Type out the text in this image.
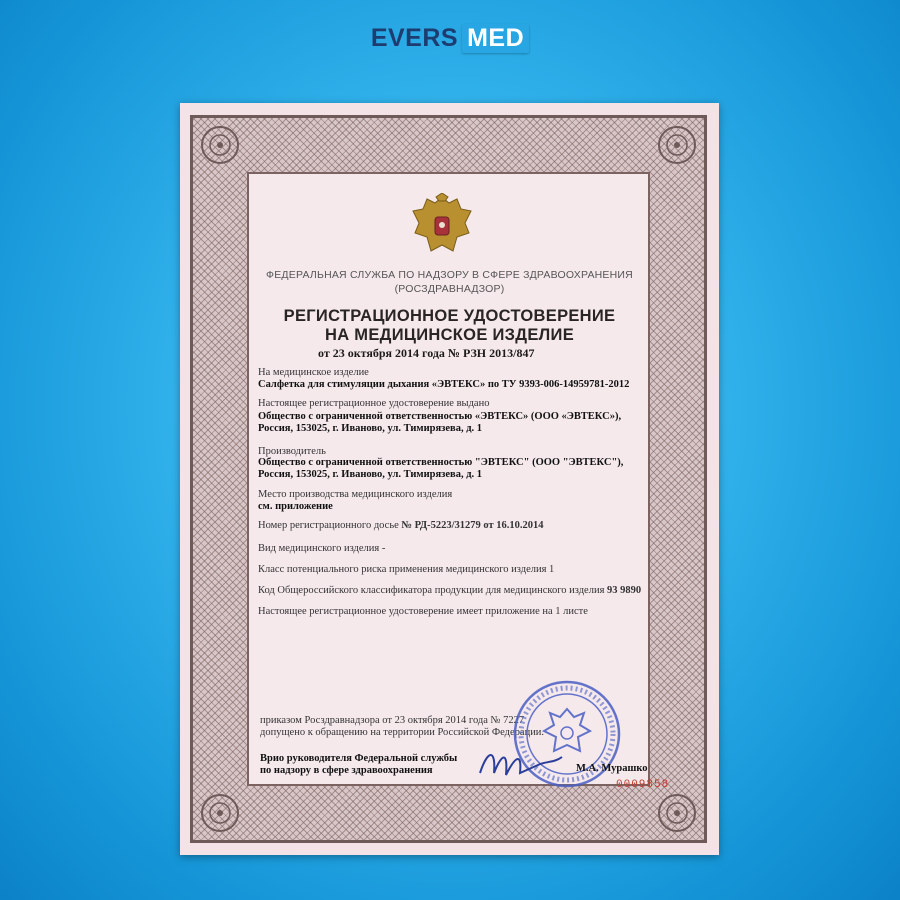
EVERS MED
ФЕДЕРАЛЬНАЯ СЛУЖБА ПО НАДЗОРУ В СФЕРЕ ЗДРАВООХРАНЕНИЯ
(РОСЗДРАВНАДЗОР)
РЕГИСТРАЦИОННОЕ УДОСТОВЕРЕНИЕ
НА МЕДИЦИНСКОЕ ИЗДЕЛИЕ
от 23 октября 2014 года № РЗН 2013/847
На медицинское изделие
Салфетка для стимуляции дыхания «ЭВТЕКС» по ТУ 9393-006-14959781-2012
Настоящее регистрационное удостоверение выдано
Общество с ограниченной ответственностью «ЭВТЕКС» (ООО «ЭВТЕКС»),
Россия, 153025, г. Иваново, ул. Тимирязева, д. 1
Производитель
Общество с ограниченной ответственностью "ЭВТЕКС" (ООО "ЭВТЕКС"),
Россия, 153025, г. Иваново, ул. Тимирязева, д. 1
Место производства медицинского изделия
см. приложение
Номер регистрационного досье № РД-5223/31279 от 16.10.2014
Вид медицинского изделия -
Класс потенциального риска применения медицинского изделия 1
Код Общероссийского классификатора продукции для медицинского изделия 93 9890
Настоящее регистрационное удостоверение имеет приложение на 1 листе
приказом Росздравнадзора от 23 октября 2014 года № 7227
допущено к обращению на территории Российской Федерации.
Врио руководителя Федеральной службы
по надзору в сфере здравоохранения	М.А. Мурашко
0009858
